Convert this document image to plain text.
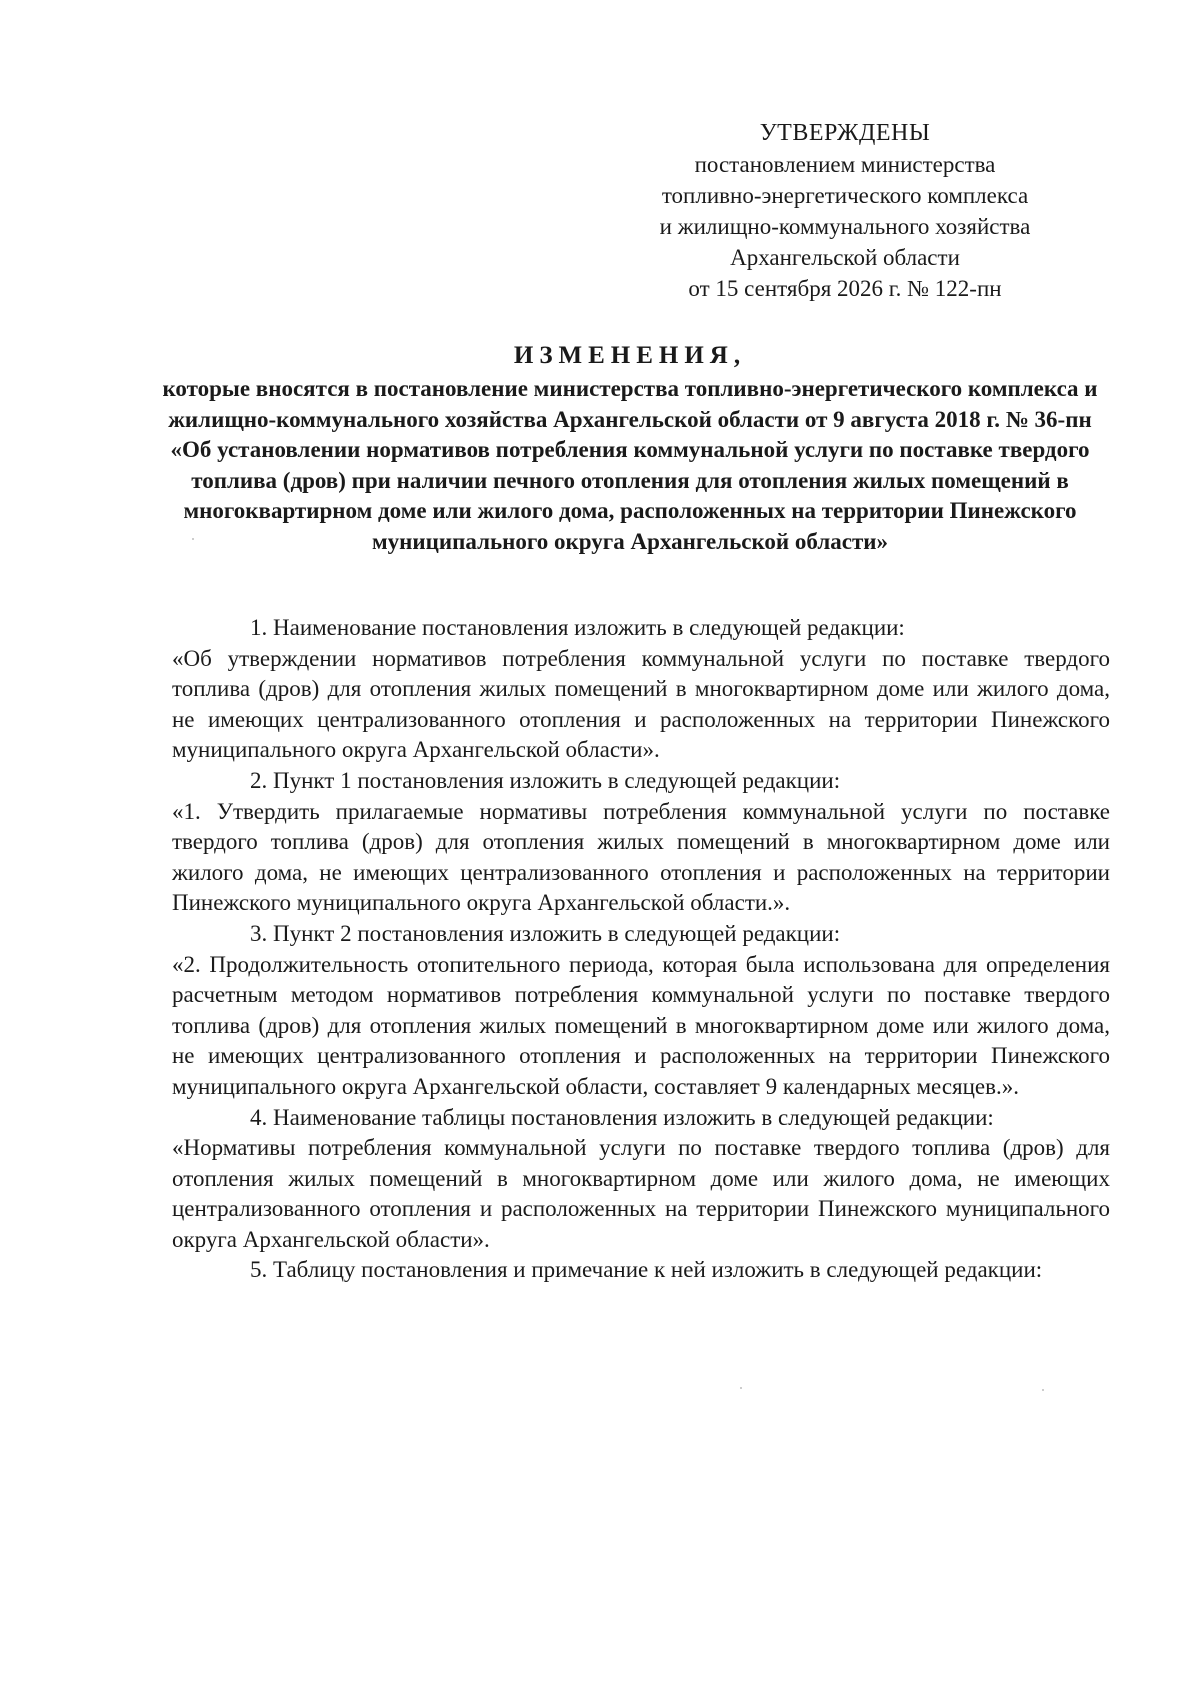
УТВЕРЖДЕНЫ
постановлением министерства
топливно-энергетического комплекса
и жилищно-коммунального хозяйства
Архангельской области
от 15 сентября 2026 г. № 122-пн
ИЗМЕНЕНИЯ,
которые вносятся в постановление министерства топливно-энергетического комплекса и жилищно-коммунального хозяйства Архангельской области от 9 августа 2018 г. № 36-пн «Об установлении нормативов потребления коммунальной услуги по поставке твердого топлива (дров) при наличии печного отопления для отопления жилых помещений в многоквартирном доме или жилого дома, расположенных на территории Пинежского муниципального округа Архангельской области»

1. Наименование постановления изложить в следующей редакции:

«Об утверждении нормативов потребления коммунальной услуги по поставке твердого топлива (дров) для отопления жилых помещений в многоквартирном доме или жилого дома, не имеющих централизованного отопления и расположенных на территории Пинежского муниципального округа Архангельской области».

2. Пункт 1 постановления изложить в следующей редакции:

«1. Утвердить прилагаемые нормативы потребления коммунальной услуги по поставке твердого топлива (дров) для отопления жилых помещений в многоквартирном доме или жилого дома, не имеющих централизованного отопления и расположенных на территории Пинежского муниципального округа Архангельской области.».

3. Пункт 2 постановления изложить в следующей редакции:

«2. Продолжительность отопительного периода, которая была использована для определения расчетным методом нормативов потребления коммунальной услуги по поставке твердого топлива (дров) для отопления жилых помещений в многоквартирном доме или жилого дома, не имеющих централизованного отопления и расположенных на территории Пинежского муниципального округа Архангельской области, составляет 9 календарных месяцев.».

4. Наименование таблицы постановления изложить в следующей редакции:

«Нормативы потребления коммунальной услуги по поставке твердого топлива (дров) для отопления жилых помещений в многоквартирном доме или жилого дома, не имеющих централизованного отопления и расположенных на территории Пинежского муниципального округа Архангельской области».

5. Таблицу постановления и примечание к ней изложить в следующей редакции:
